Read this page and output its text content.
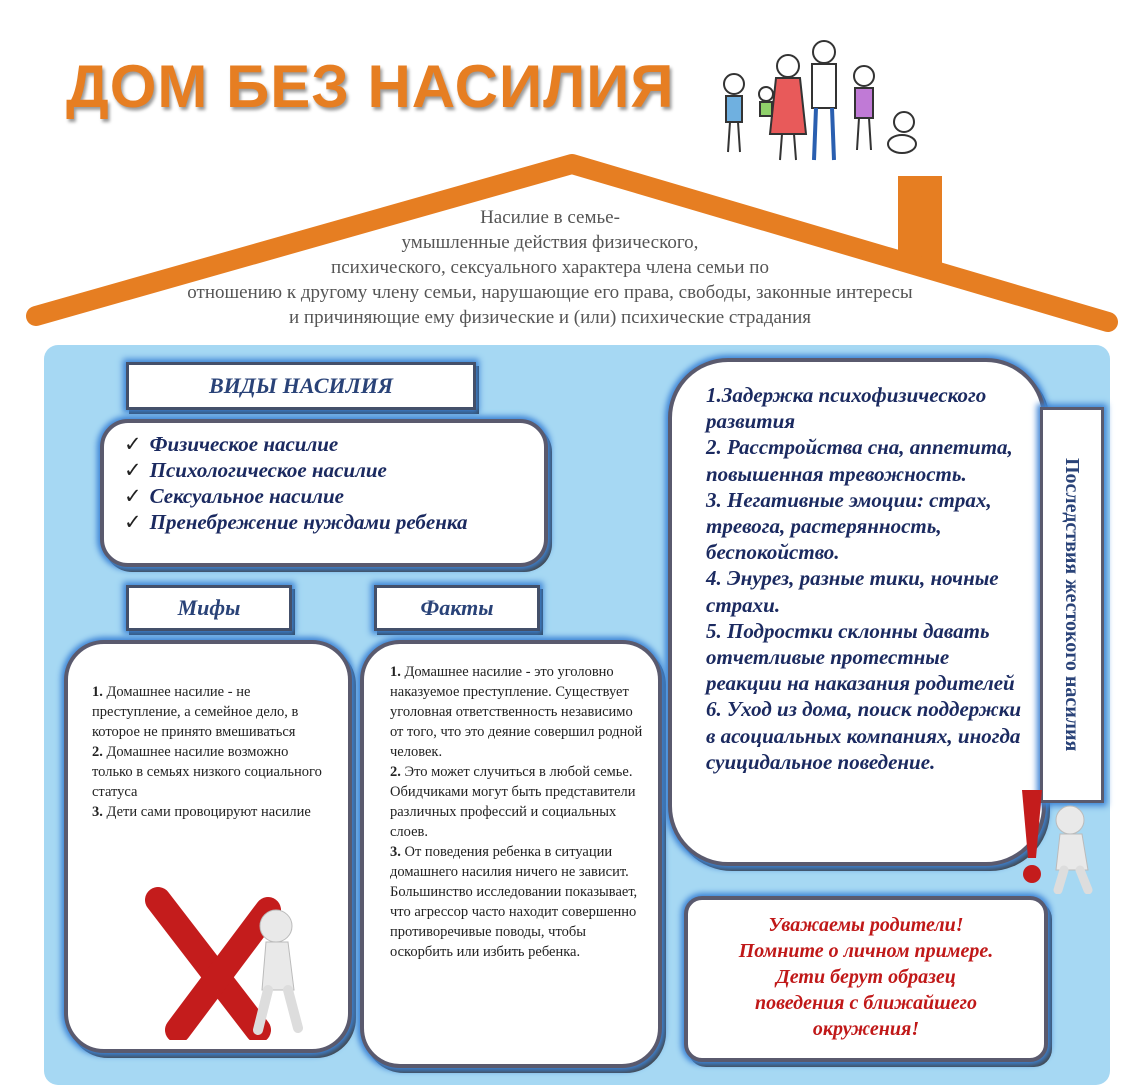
ДОМ БЕЗ НАСИЛИЯ
Насилие в семье-
умышленные действия физического,
психического, сексуального характера члена семьи по
отношению к другому члену семьи, нарушающие его права, свободы, законные интересы
и причиняющие ему физические и (или) психические страдания
ВИДЫ НАСИЛИЯ
✓ Физическое насилие
✓ Психологическое насилие
✓ Сексуальное насилие
✓ Пренебрежение нуждами ребенка
Мифы

1. Домашнее насилие - не преступление, а семейное дело, в которое не принято вмешиваться

2. Домашнее насилие возможно только в семьях низкого социального статуса

3. Дети сами провоцируют насилие

Факты

1. Домашнее насилие - это уголовно наказуемое преступление. Существует уголовная ответственность независимо от того, что это деяние совершил родной человек.

2. Это может случиться в любой семье. Обидчиками могут быть представители различных профессий и социальных слоев.

3. От поведения ребенка в ситуации домашнего насилия ничего не зависит. Большинство исследовании показывает, что агрессор часто находит совершенно противоречивые поводы, чтобы оскорбить или избить ребенка.

1.Задержка психофизического развития

2. Расстройства сна, аппетита, повышенная тревожность.

3. Негативные эмоции: страх, тревога, растерянность, беспокойство.

4. Энурез, разные тики, ночные страхи.

5. Подростки склонны давать отчетливые протестные реакции на наказания родителей

6. Уход из дома, поиск поддержки в асоциальных компаниях, иногда суицидальное поведение.

Последствия жестокого насилия
Уважаемы родители!
Помните о личном примере.
Дети берут образец
поведения с ближайшего
окружения!
